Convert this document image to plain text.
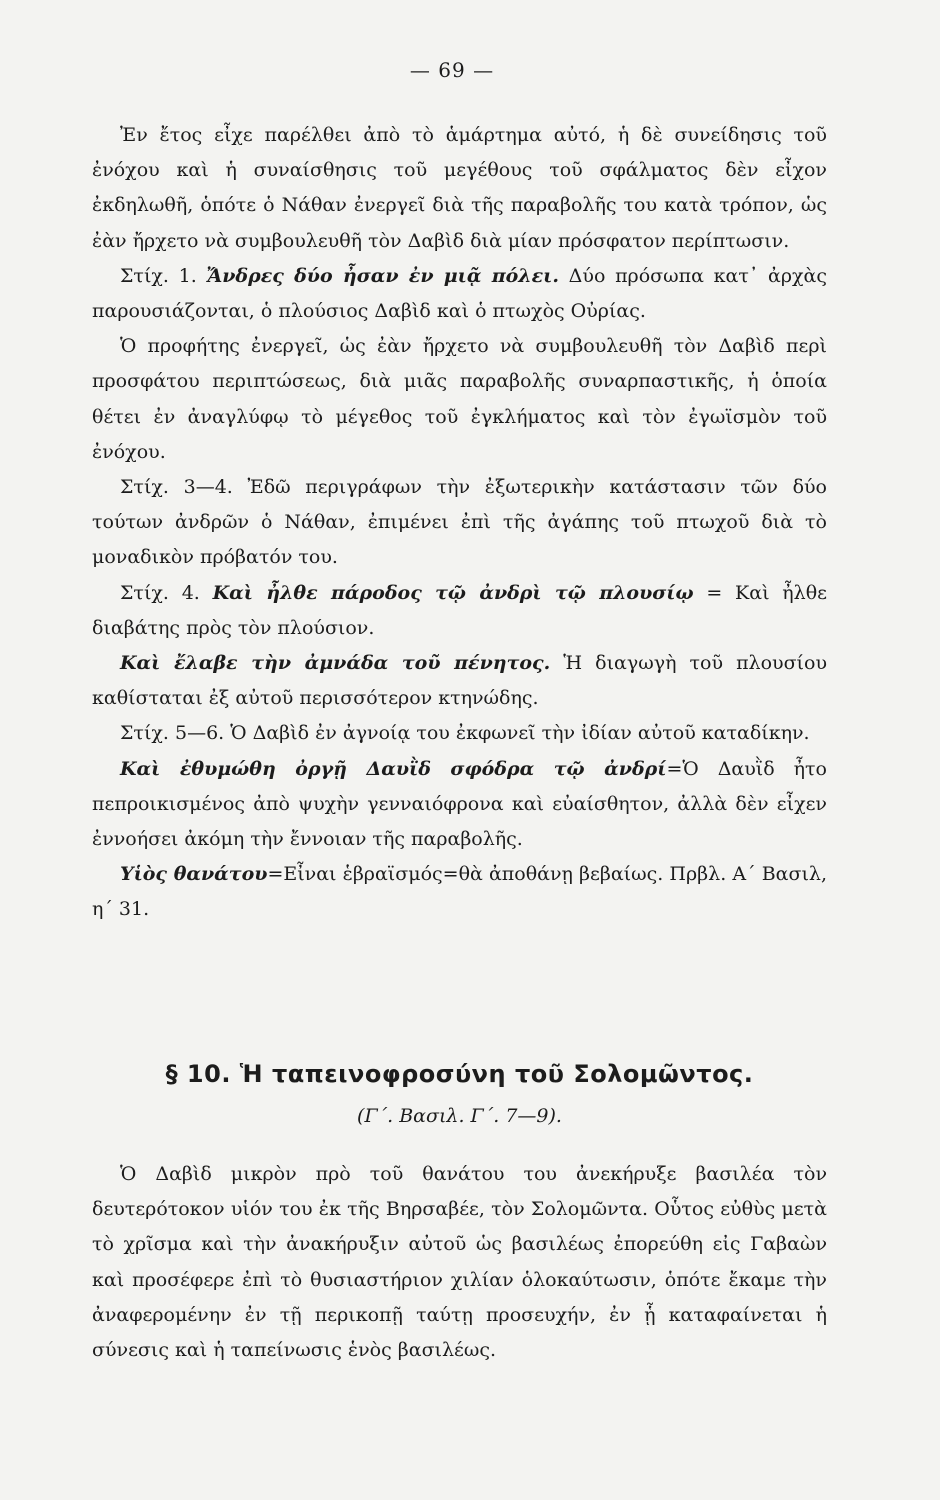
— 69 —

Ἐν ἔτος εἶχε παρέλθει ἀπὸ τὸ ἁμάρτημα αὐτό, ἡ δὲ συνείδησις τοῦ ἐνόχου καὶ ἡ συναίσθησις τοῦ μεγέθους τοῦ σφάλματος δὲν εἶχον ἐκδηλωθῆ, ὁπότε ὁ Νάθαν ἐνεργεῖ διὰ τῆς παραβολῆς του κατὰ τρόπον, ὡς ἐὰν ἤρχετο νὰ συμβουλευθῆ τὸν Δαβὶδ διὰ μίαν πρόσφατον περίπτωσιν.

Στίχ. 1. Ἄνδρες δύο ἦσαν ἐν μιᾷ πόλει. Δύο πρόσωπα κατ᾽ ἀρχὰς παρουσιάζονται, ὁ πλούσιος Δαβὶδ καὶ ὁ πτωχὸς Οὐρίας.

Ὁ προφήτης ἐνεργεῖ, ὡς ἐὰν ἤρχετο νὰ συμβουλευθῆ τὸν Δαβὶδ περὶ προσφάτου περιπτώσεως, διὰ μιᾶς παραβολῆς συναρπαστικῆς, ἡ ὁποία θέτει ἐν ἀναγλύφῳ τὸ μέγεθος τοῦ ἐγκλήματος καὶ τὸν ἐγωϊσμὸν τοῦ ἐνόχου.

Στίχ. 3—4. Ἐδῶ περιγράφων τὴν ἐξωτερικὴν κατάστασιν τῶν δύο τούτων ἀνδρῶν ὁ Νάθαν, ἐπιμένει ἐπὶ τῆς ἀγάπης τοῦ πτωχοῦ διὰ τὸ μοναδικὸν πρόβατόν του.

Στίχ. 4. Καὶ ἦλθε πάροδος τῷ ἀνδρὶ τῷ πλουσίῳ = Καὶ ἦλθε διαβάτης πρὸς τὸν πλούσιον.

Καὶ ἔλαβε τὴν ἀμνάδα τοῦ πένητος. Ἡ διαγωγὴ τοῦ πλουσίου καθίσταται ἐξ αὐτοῦ περισσότερον κτηνώδης.

Στίχ. 5—6. Ὁ Δαβὶδ ἐν ἀγνοίᾳ του ἐκφωνεῖ τὴν ἰδίαν αὐτοῦ καταδίκην.

Καὶ ἐθυμώθη ὀργῇ Δαυῒδ σφόδρα τῷ ἀνδρί=Ὁ Δαυῒδ ἦτο πεπροικισμένος ἀπὸ ψυχὴν γενναιόφρονα καὶ εὐαίσθητον, ἀλλὰ δὲν εἶχεν ἐννοήσει ἀκόμη τὴν ἔννοιαν τῆς παραβολῆς.

Υἱὸς θανάτου=Εἶναι ἑβραϊσμός=θὰ ἀποθάνῃ βεβαίως. Πρβλ. Α΄ Βασιλ, η΄ 31.

§ 10. Ἡ ταπεινοφροσύνη τοῦ Σολομῶντος.
(Γ΄. Βασιλ. Γ΄. 7—9).

Ὁ Δαβὶδ μικρὸν πρὸ τοῦ θανάτου του ἀνεκήρυξε βασιλέα τὸν δευτερότοκον υἱόν του ἐκ τῆς Βηρσαβέε, τὸν Σολομῶντα. Οὗτος εὐθὺς μετὰ τὸ χρῖσμα καὶ τὴν ἀνακήρυξιν αὐτοῦ ὡς βασιλέως ἐπορεύθη εἰς Γαβαὼν καὶ προσέφερε ἐπὶ τὸ θυσιαστήριον χιλίαν ὁλοκαύτωσιν, ὁπότε ἔκαμε τὴν ἀναφερομένην ἐν τῇ περικοπῇ ταύτῃ προσευχήν, ἐν ᾗ καταφαίνεται ἡ σύνεσις καὶ ἡ ταπείνωσις ἑνὸς βασιλέως.
